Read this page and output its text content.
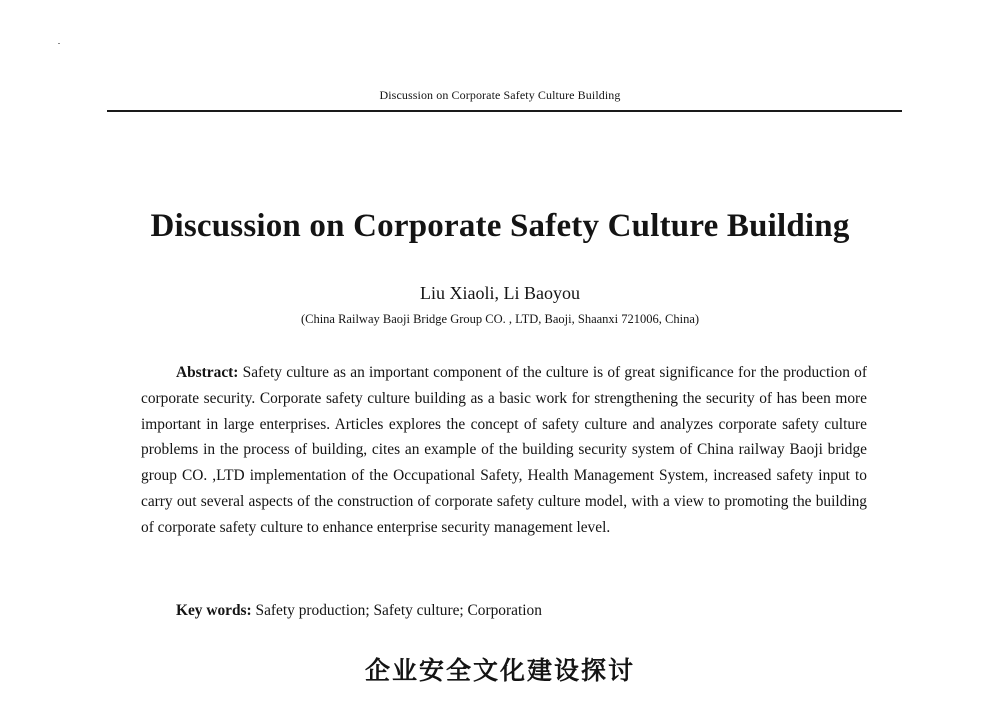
Discussion on Corporate Safety Culture Building
Discussion on Corporate Safety Culture Building
Liu Xiaoli, Li Baoyou
(China Railway Baoji Bridge Group CO. , LTD, Baoji, Shaanxi 721006, China)

Abstract: Safety culture as an important component of the culture is of great significance for the production of corporate security. Corporate safety culture building as a basic work for strengthening the security of has been more important in large enterprises. Articles explores the concept of safety culture and analyzes corporate safety culture problems in the process of building, cites an example of the building security system of China railway Baoji bridge group CO. ,LTD implementation of the Occupational Safety, Health Management System, increased safety input to carry out several aspects of the construction of corporate safety culture model, with a view to promoting the building of corporate safety culture to enhance enterprise security management level.

Key words: Safety production; Safety culture; Corporation
企业安全文化建设探讨
